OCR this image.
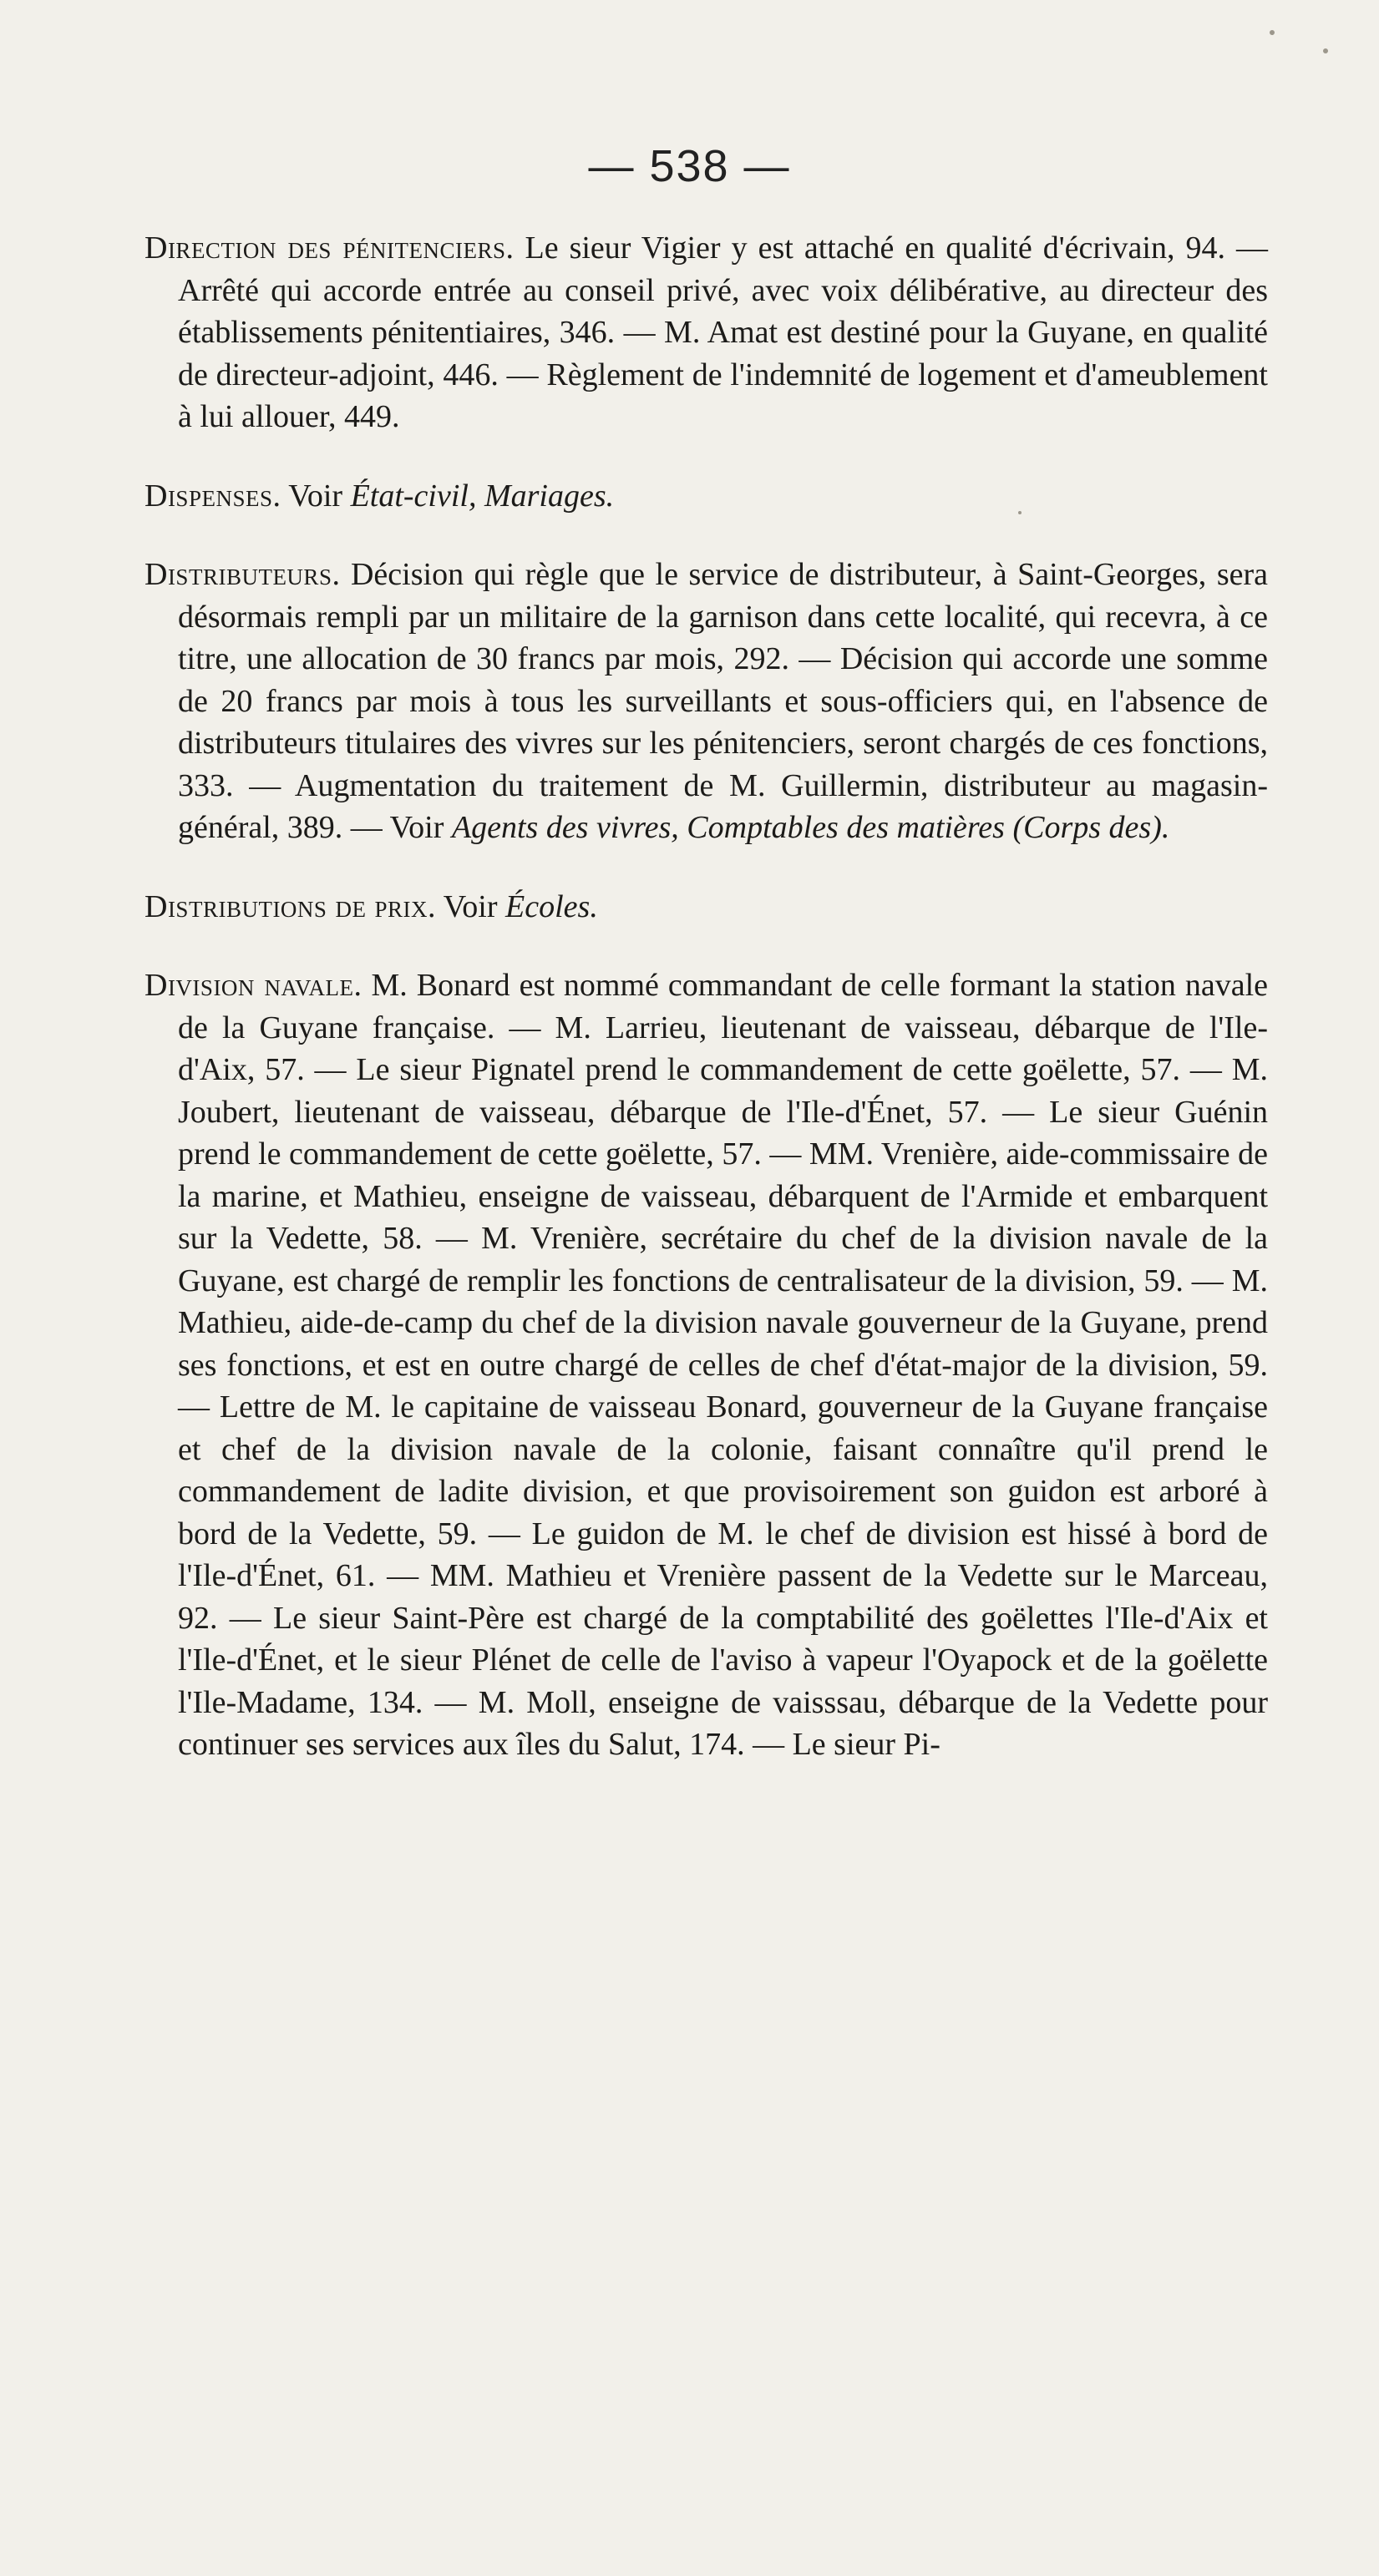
— 538 —

Direction des pénitenciers. Le sieur Vigier y est attaché en qualité d'écrivain, 94. — Arrêté qui accorde entrée au conseil privé, avec voix délibérative, au directeur des établissements pénitentiaires, 346. — M. Amat est destiné pour la Guyane, en qualité de directeur-adjoint, 446. — Règlement de l'indemnité de logement et d'ameublement à lui allouer, 449.

Dispenses. Voir État-civil, Mariages.

Distributeurs. Décision qui règle que le service de distributeur, à Saint-Georges, sera désormais rempli par un militaire de la garnison dans cette localité, qui recevra, à ce titre, une allocation de 30 francs par mois, 292. — Décision qui accorde une somme de 20 francs par mois à tous les surveillants et sous-officiers qui, en l'absence de distributeurs titulaires des vivres sur les pénitenciers, seront chargés de ces fonctions, 333. — Augmentation du traitement de M. Guillermin, distributeur au magasin-général, 389. — Voir Agents des vivres, Comptables des matières (Corps des).

Distributions de prix. Voir Écoles.

Division navale. M. Bonard est nommé commandant de celle formant la station navale de la Guyane française. — M. Larrieu, lieutenant de vaisseau, débarque de l'Ile-d'Aix, 57. — Le sieur Pignatel prend le commandement de cette goëlette, 57. — M. Joubert, lieutenant de vaisseau, débarque de l'Ile-d'Énet, 57. — Le sieur Guénin prend le commandement de cette goëlette, 57. — MM. Vrenière, aide-commissaire de la marine, et Mathieu, enseigne de vaisseau, débarquent de l'Armide et embarquent sur la Vedette, 58. — M. Vrenière, secrétaire du chef de la division navale de la Guyane, est chargé de remplir les fonctions de centralisateur de la division, 59. — M. Mathieu, aide-de-camp du chef de la division navale gouverneur de la Guyane, prend ses fonctions, et est en outre chargé de celles de chef d'état-major de la division, 59. — Lettre de M. le capitaine de vaisseau Bonard, gouverneur de la Guyane française et chef de la division navale de la colonie, faisant connaître qu'il prend le commandement de ladite division, et que provisoirement son guidon est arboré à bord de la Vedette, 59. — Le guidon de M. le chef de division est hissé à bord de l'Ile-d'Énet, 61. — MM. Mathieu et Vrenière passent de la Vedette sur le Marceau, 92. — Le sieur Saint-Père est chargé de la comptabilité des goëlettes l'Ile-d'Aix et l'Ile-d'Énet, et le sieur Plénet de celle de l'aviso à vapeur l'Oyapock et de la goëlette l'Ile-Madame, 134. — M. Moll, enseigne de vaisssau, débarque de la Vedette pour continuer ses services aux îles du Salut, 174. — Le sieur Pi-
